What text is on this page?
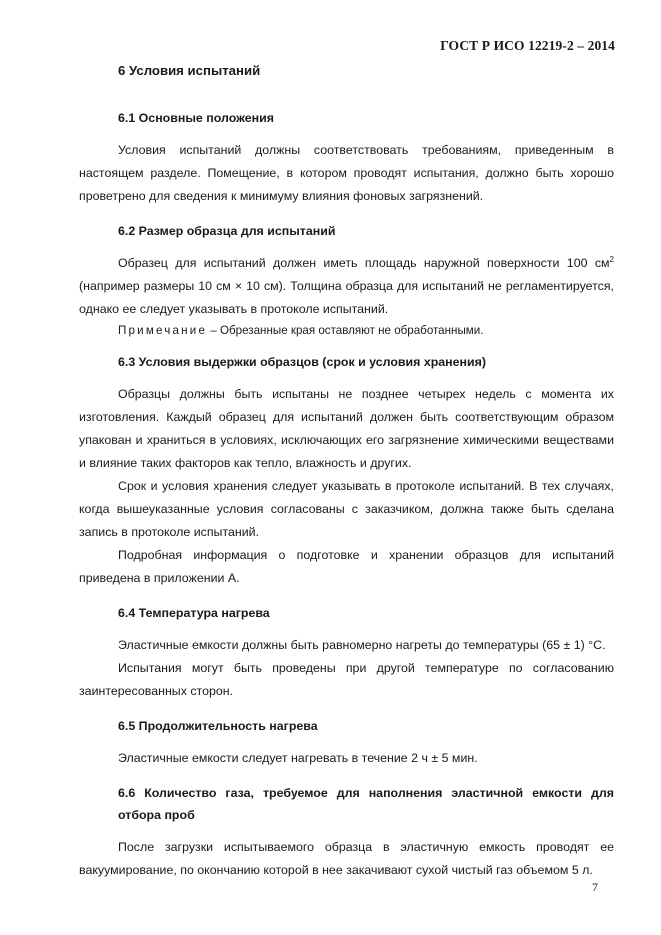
ГОСТ Р ИСО 12219-2 – 2014
6 Условия испытаний
6.1 Основные положения

Условия испытаний должны соответствовать требованиям, приведенным в настоящем разделе. Помещение, в котором проводят испытания, должно быть хорошо проветрено для сведения к минимуму влияния фоновых загрязнений.

6.2 Размер образца для испытаний

Образец для испытаний должен иметь площадь наружной поверхности 100 $см^2$ (например размеры 10 см × 10 см). Толщина образца для испытаний не регламентируется, однако ее следует указывать в протоколе испытаний.

Примечание – Обрезанные края оставляют не обработанными.

6.3 Условия выдержки образцов (срок и условия хранения)

Образцы должны быть испытаны не позднее четырех недель с момента их изготовления. Каждый образец для испытаний должен быть соответствующим образом упакован и храниться в условиях, исключающих его загрязнение химическими веществами и влияние таких факторов как тепло, влажность и других.

Срок и условия хранения следует указывать в протоколе испытаний. В тех случаях, когда вышеуказанные условия согласованы с заказчиком, должна также быть сделана запись в протоколе испытаний.

Подробная информация о подготовке и хранении образцов для испытаний приведена в приложении А.

6.4 Температура нагрева

Эластичные емкости должны быть равномерно нагреты до температуры (65 ± 1) °С.

Испытания могут быть проведены при другой температуре по согласованию заинтересованных сторон.

6.5 Продолжительность нагрева

Эластичные емкости следует нагревать в течение 2 ч ± 5 мин.

6.6 Количество газа, требуемое для наполнения эластичной емкости для отбора проб

После загрузки испытываемого образца в эластичную емкость проводят ее вакуумирование, по окончанию которой в нее закачивают сухой чистый газ объемом 5 л.

7
